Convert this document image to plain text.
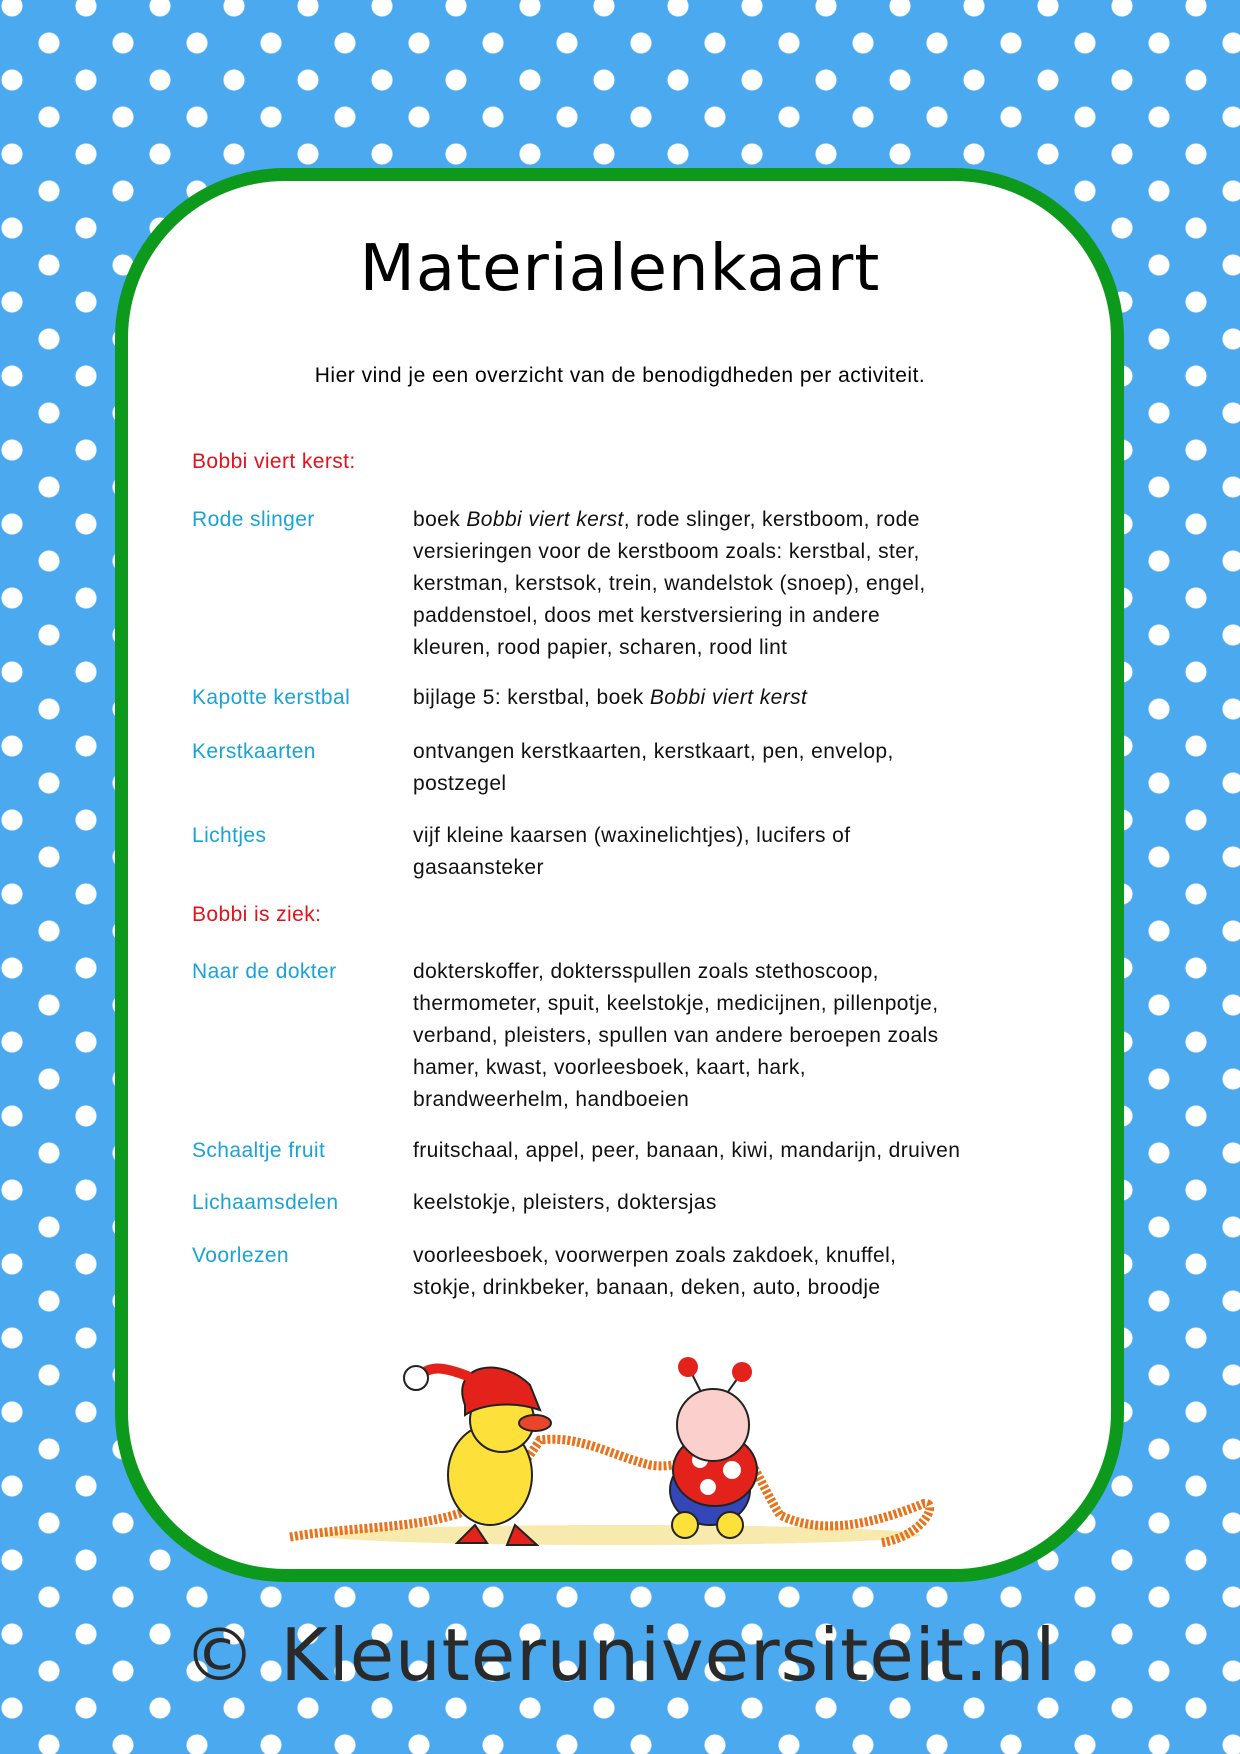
Materialenkaart
Hier vind je een overzicht van de benodigdheden per activiteit.
Bobbi viert kerst:
Rode slinger	boek Bobbi viert kerst, rode slinger, kerstboom, rode
versieringen voor de kerstboom zoals: kerstbal, ster,
kerstman, kerstsok, trein, wandelstok (snoep), engel,
paddenstoel, doos met kerstversiering in andere
kleuren, rood papier, scharen, rood lint
Kapotte kerstbal	bijlage 5: kerstbal, boek Bobbi viert kerst
Kerstkaarten	ontvangen kerstkaarten, kerstkaart, pen, envelop,
postzegel
Lichtjes	vijf kleine kaarsen (waxinelichtjes), lucifers of
gasaansteker
Bobbi is ziek:
Naar de dokter	dokterskoffer, doktersspullen zoals stethoscoop,
thermometer, spuit, keelstokje, medicijnen, pillenpotje,
verband, pleisters, spullen van andere beroepen zoals
hamer, kwast, voorleesboek, kaart, hark,
brandweerhelm, handboeien
Schaaltje fruit	fruitschaal, appel, peer, banaan, kiwi, mandarijn, druiven
Lichaamsdelen	keelstokje, pleisters, doktersjas
Voorlezen	voorleesboek, voorwerpen zoals zakdoek, knuffel,
stokje, drinkbeker, banaan, deken, auto, broodje
© Kleuteruniversiteit.nl
